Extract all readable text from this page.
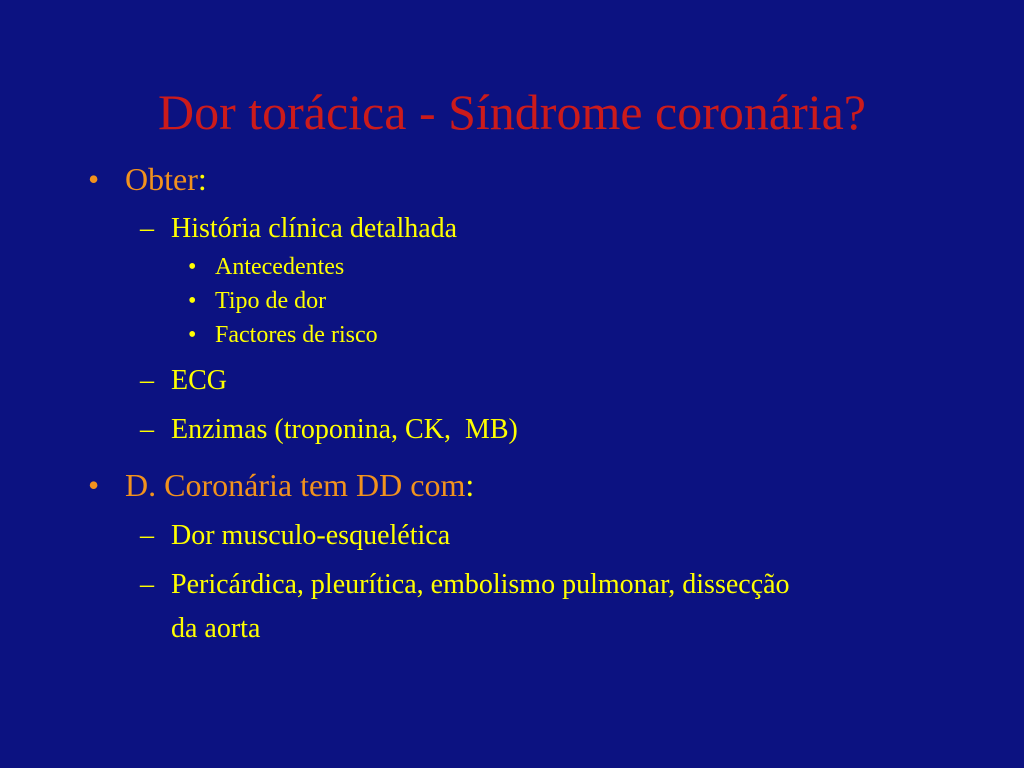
Dor torácica - Síndrome coronária?
• Obter:
– História clínica detalhada
• Antecedentes
• Tipo de dor
• Factores de risco
– ECG
– Enzimas (troponina, CK,  MB)
• D. Coronária tem DD com:
– Dor musculo-esquelética
– Pericárdica, pleurítica, embolismo pulmonar, dissecção
da aorta
